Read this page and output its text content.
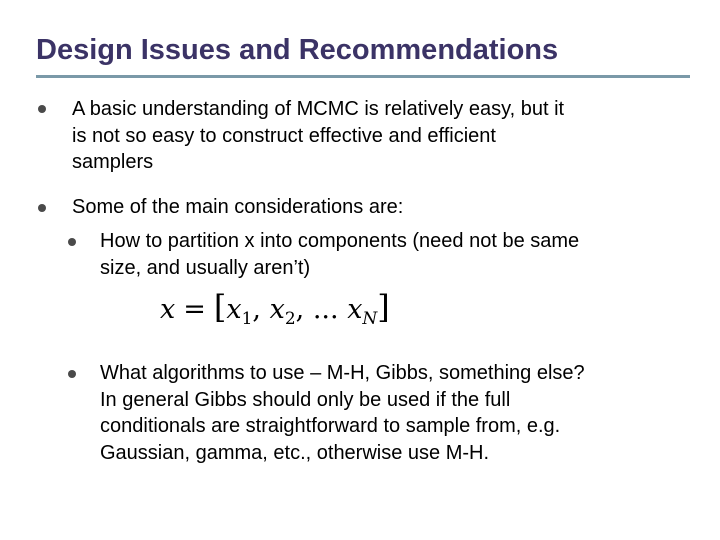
Design Issues and Recommendations
A basic understanding of MCMC is relatively easy, but it
is not so easy to construct effective and efficient
samplers
Some of the main considerations are:
How to partition x into components (need not be same
size, and usually aren’t)
$x = [x_1$, $x_2$, ... $x_N$]
What algorithms to use – M-H, Gibbs, something else?
In general Gibbs should only be used if the full
conditionals are straightforward to sample from, e.g.
Gaussian, gamma, etc., otherwise use M-H.
